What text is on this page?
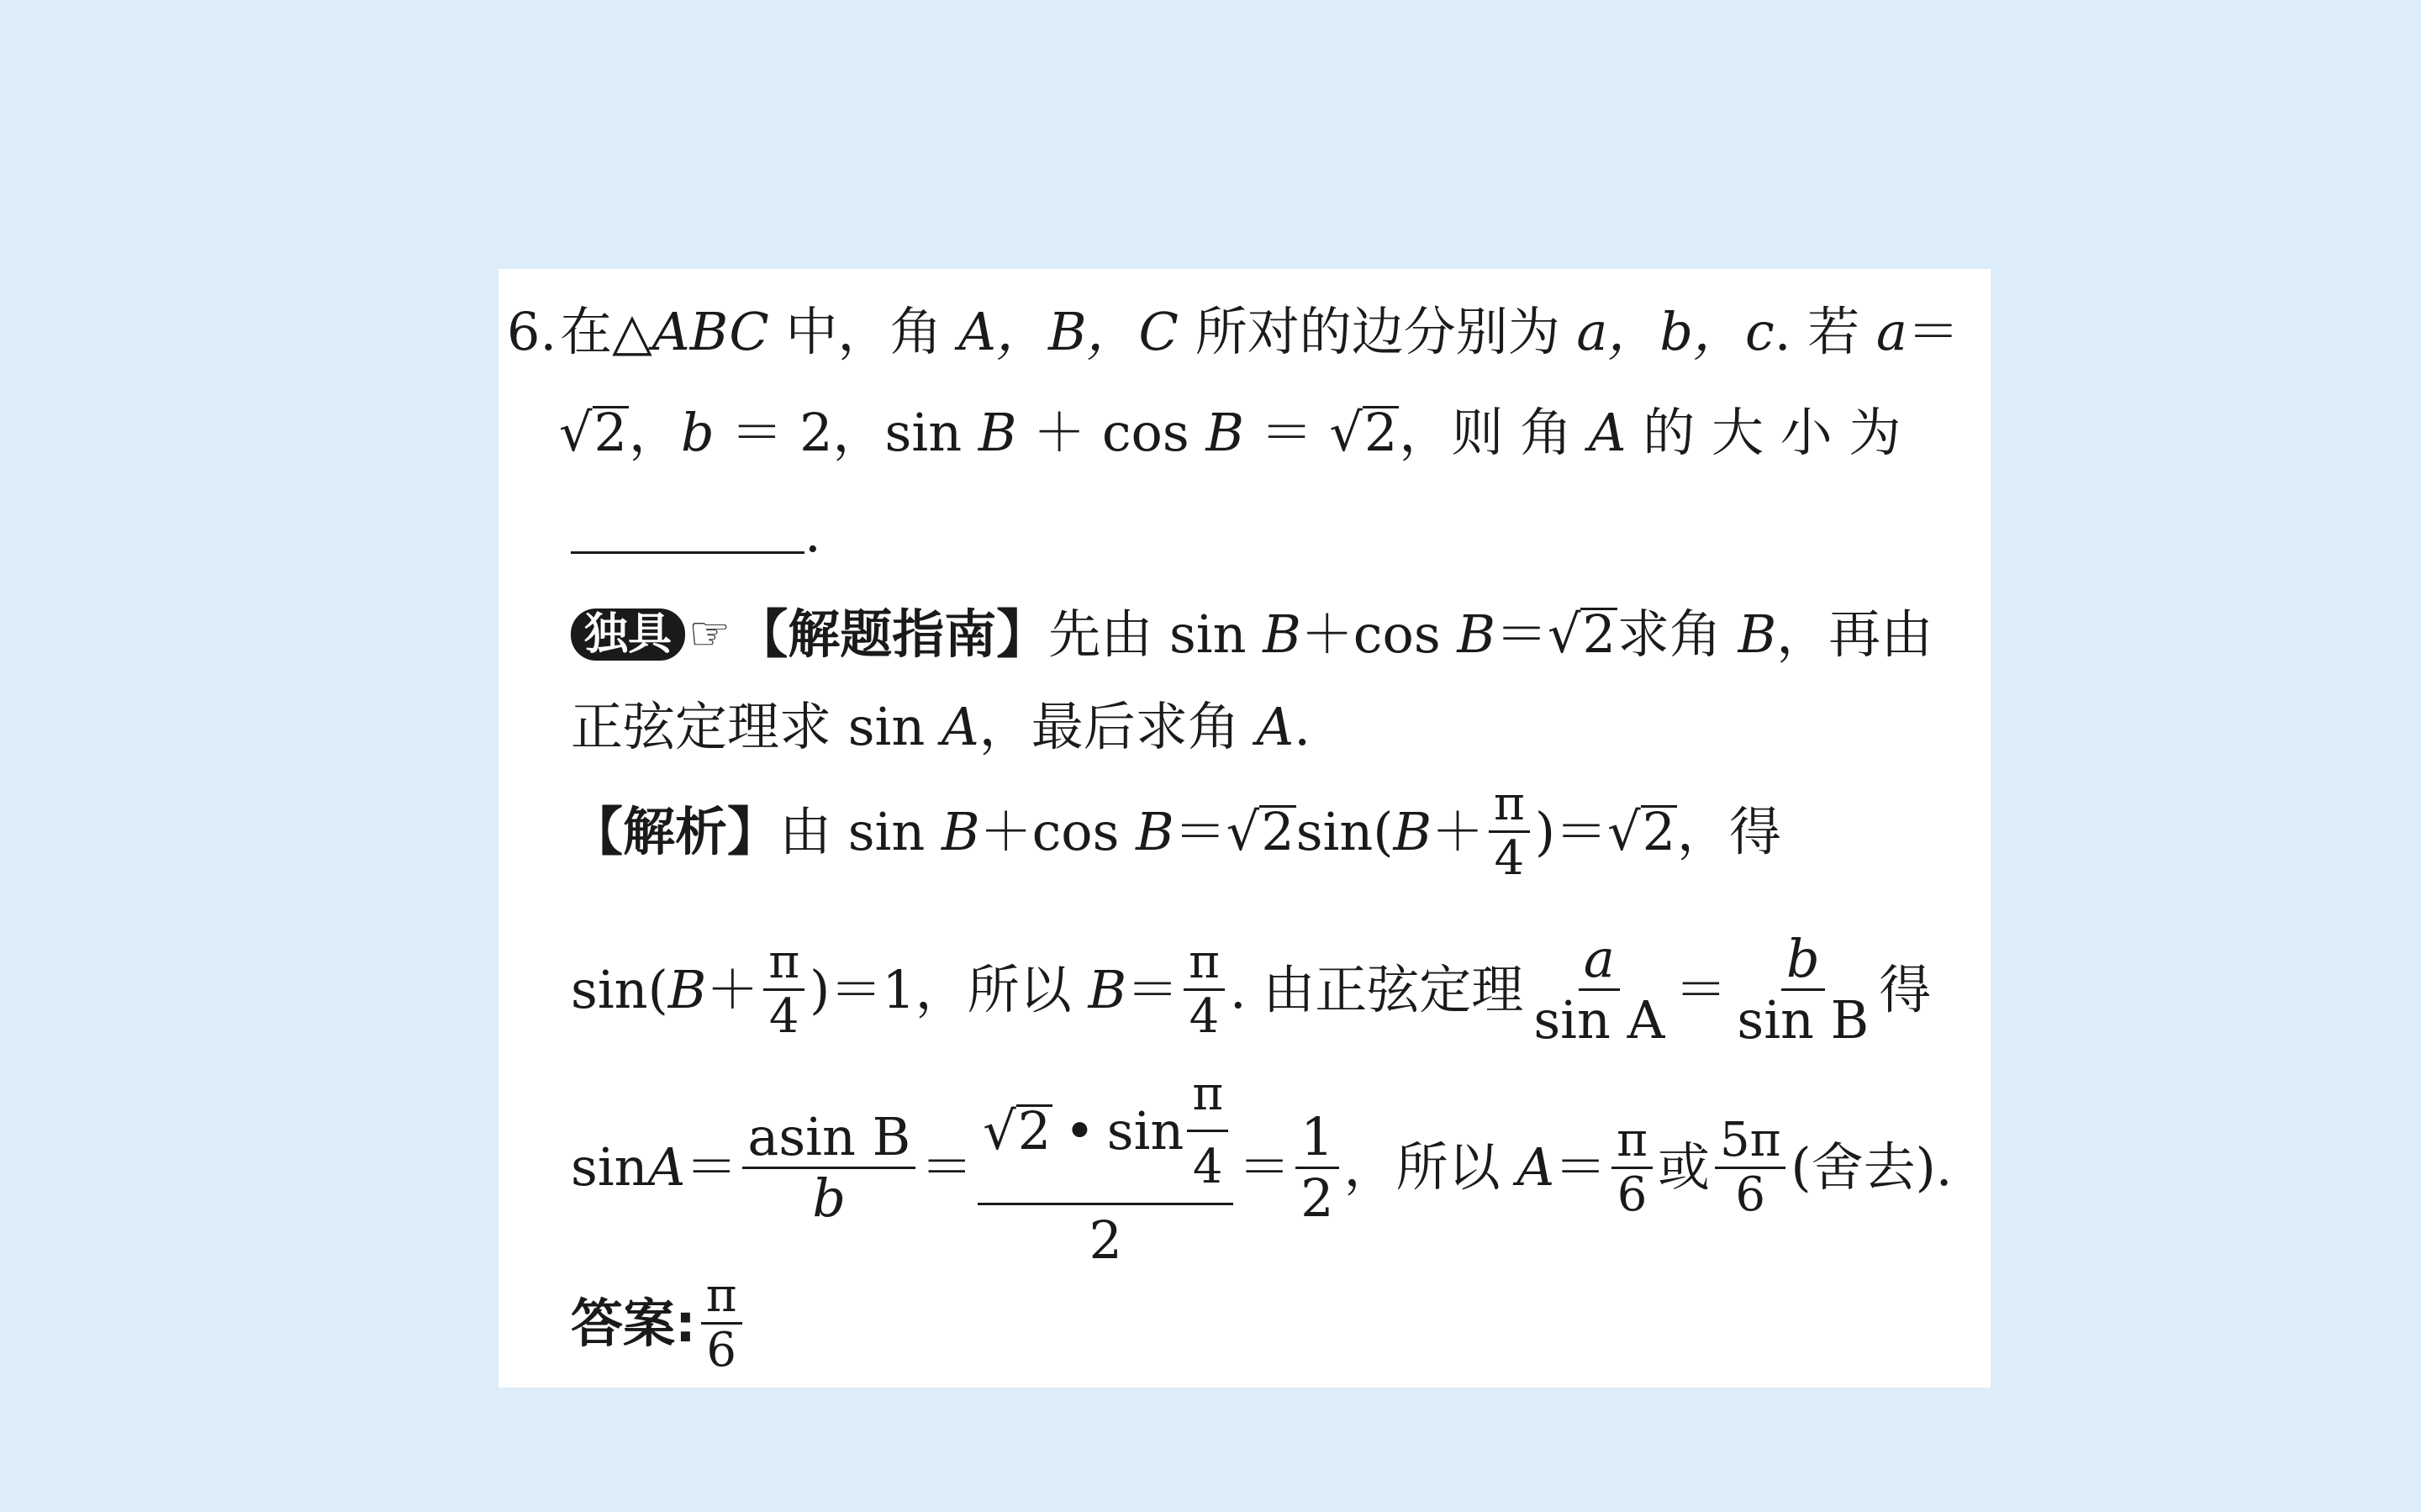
6.在△ABC 中，角 A，B，C 所对的边分别为 a，b，c. 若 a＝
√2，b ＝ 2，sin B ＋ cos B ＝ √2，则 角 A 的 大 小 为
.
独具 ☞【解题指南】先由 sin B＋cos B＝√2求角 B，再由
正弦定理求 sin A，最后求角 A.
【解析】由 sin B＋cos $B=√2\sin(B+ \frac{\pi}{4} )=√2$，得
$\sin(B+ \frac{\pi}{4} )=1$，所以 $B= \frac{\pi}{4}$ . 由正弦定理 $\frac{a}{\text{sin A}} = \frac{b}{\text{sin B}}$ 得
$\sin A= \frac{\text{asin B}}{b} = \frac{√2 • \sin \frac{\pi}{4}}{2} = \frac{1}{2}$ ，所以 $A= \frac{\pi}{6}$ 或 $\frac{5\pi}{6}$ (舍去).
答案: $\frac{\pi}{6}$
